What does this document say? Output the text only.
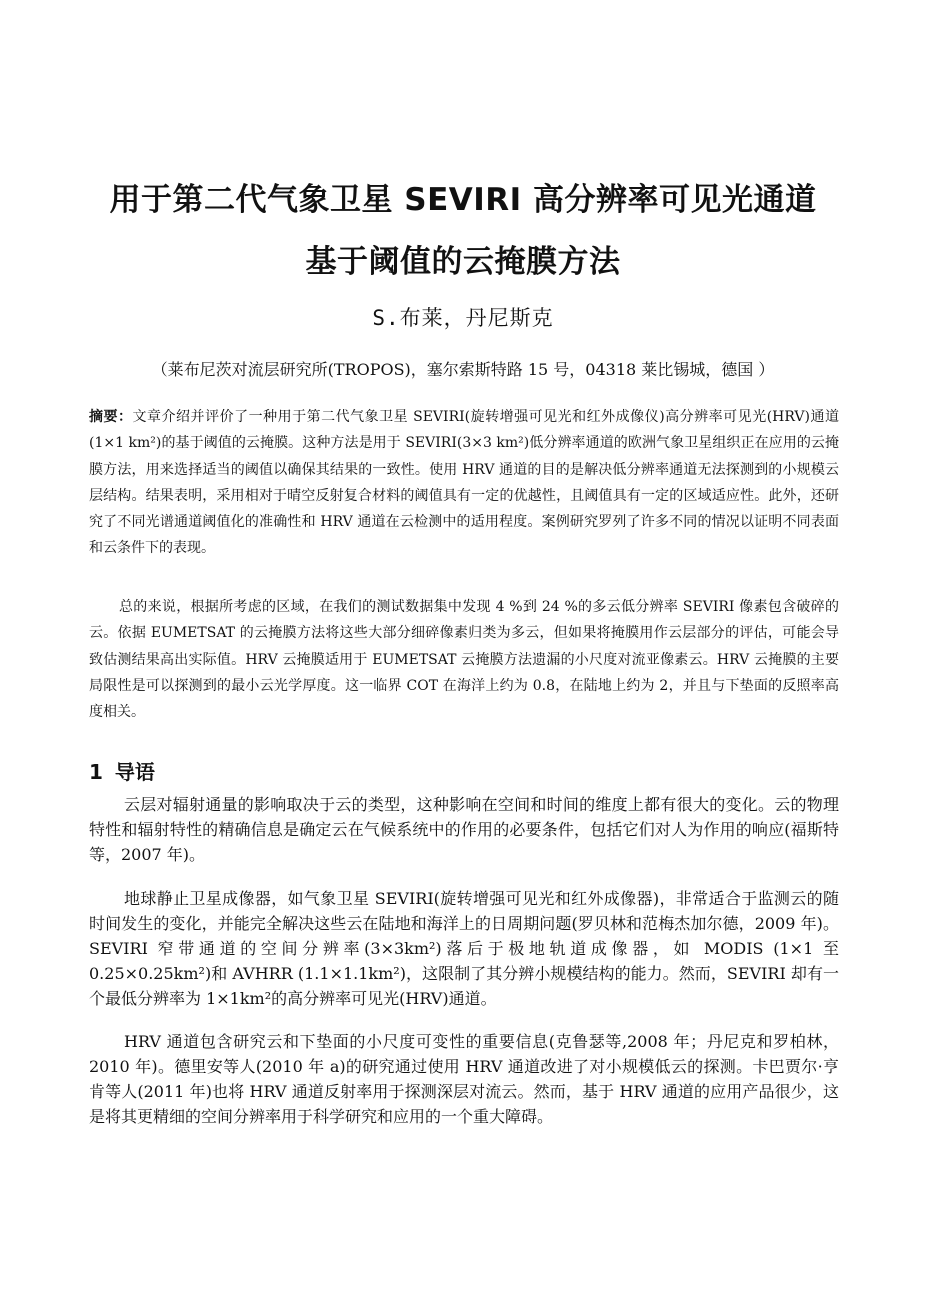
用于第二代气象卫星 SEVIRI 高分辨率可见光通道
基于阈值的云掩膜方法
S.布莱，丹尼斯克
（莱布尼茨对流层研究所(TROPOS)，塞尔索斯特路 15 号，04318 莱比锡城，德国 ）
摘要：文章介绍并评价了一种用于第二代气象卫星 SEVIRI(旋转增强可见光和红外成像仪)高分辨率可见光(HRV)通道(1×1 km²)的基于阈值的云掩膜。这种方法是用于 SEVIRI(3×3 km²)低分辨率通道的欧洲气象卫星组织正在应用的云掩膜方法，用来选择适当的阈值以确保其结果的一致性。使用 HRV 通道的目的是解决低分辨率通道无法探测到的小规模云层结构。结果表明，采用相对于晴空反射复合材料的阈值具有一定的优越性，且阈值具有一定的区域适应性。此外，还研究了不同光谱通道阈值化的准确性和 HRV 通道在云检测中的适用程度。案例研究罗列了许多不同的情况以证明不同表面和云条件下的表现。
总的来说，根据所考虑的区域，在我们的测试数据集中发现 4 %到 24 %的多云低分辨率 SEVIRI 像素包含破碎的云。依据 EUMETSAT 的云掩膜方法将这些大部分细碎像素归类为多云，但如果将掩膜用作云层部分的评估，可能会导致估测结果高出实际值。HRV 云掩膜适用于 EUMETSAT 云掩膜方法遗漏的小尺度对流亚像素云。HRV 云掩膜的主要局限性是可以探测到的最小云光学厚度。这一临界 COT 在海洋上约为 0.8，在陆地上约为 2，并且与下垫面的反照率高度相关。
1 导语
云层对辐射通量的影响取决于云的类型，这种影响在空间和时间的维度上都有很大的变化。云的物理特性和辐射特性的精确信息是确定云在气候系统中的作用的必要条件，包括它们对人为作用的响应(福斯特等，2007 年)。
地球静止卫星成像器，如气象卫星 SEVIRI(旋转增强可见光和红外成像器)，非常适合于监测云的随时间发生的变化，并能完全解决这些云在陆地和海洋上的日周期问题(罗贝林和范梅杰加尔德，2009 年)。SEVIRI 窄带通道的空间分辨率(3×3km²)落后于极地轨道成像器，如 MODIS (1×1 至 0.25×0.25km²)和 AVHRR (1.1×1.1km²)，这限制了其分辨小规模结构的能力。然而，SEVIRI 却有一个最低分辨率为 1×1km²的高分辨率可见光(HRV)通道。
HRV 通道包含研究云和下垫面的小尺度可变性的重要信息(克鲁瑟等,2008 年；丹尼克和罗柏林，2010 年)。德里安等人(2010 年 a)的研究通过使用 HRV 通道改进了对小规模低云的探测。卡巴贾尔·亨肯等人(2011 年)也将 HRV 通道反射率用于探测深层对流云。然而，基于 HRV 通道的应用产品很少，这是将其更精细的空间分辨率用于科学研究和应用的一个重大障碍。
